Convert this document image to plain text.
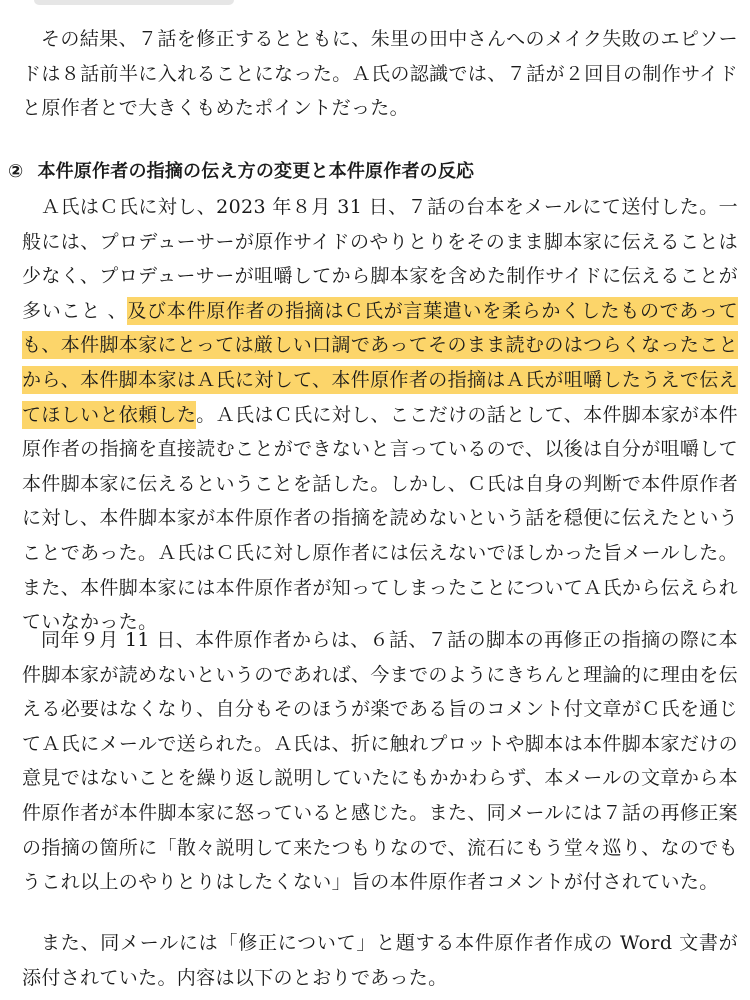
その結果、７話を修正するとともに、朱里の田中さんへのメイク失敗のエピソードは８話前半に入れることになった。Ａ氏の認識では、７話が２回目の制作サイドと原作者とで大きくもめたポイントだった。

② 本件原作者の指摘の伝え方の変更と本件原作者の反応

Ａ氏はＣ氏に対し、2023 年８月 31 日、７話の台本をメールにて送付した。一般には、プロデューサーが原作サイドのやりとりをそのまま脚本家に伝えることは少なく、プロデューサーが咀嚼してから脚本家を含めた制作サイドに伝えることが多いこと 、及び本件原作者の指摘はＣ氏が言葉遣いを柔らかくしたものであっても、本件脚本家にとっては厳しい口調であってそのまま読むのはつらくなったことから、本件脚本家はＡ氏に対して、本件原作者の指摘はＡ氏が咀嚼したうえで伝えてほしいと依頼した。Ａ氏はＣ氏に対し、ここだけの話として、本件脚本家が本件原作者の指摘を直接読むことができないと言っているので、以後は自分が咀嚼して本件脚本家に伝えるということを話した。しかし、Ｃ氏は自身の判断で本件原作者に対し、本件脚本家が本件原作者の指摘を読めないという話を穏便に伝えたということであった。Ａ氏はＣ氏に対し原作者には伝えないでほしかった旨メールした。また、本件脚本家には本件原作者が知ってしまったことについてＡ氏から伝えられていなかった。

同年９月 11 日、本件原作者からは、６話、７話の脚本の再修正の指摘の際に本件脚本家が読めないというのであれば、今までのようにきちんと理論的に理由を伝える必要はなくなり、自分もそのほうが楽である旨のコメント付文章がＣ氏を通じてＡ氏にメールで送られた。Ａ氏は、折に触れプロットや脚本は本件脚本家だけの意見ではないことを繰り返し説明していたにもかかわらず、本メールの文章から本件原作者が本件脚本家に怒っていると感じた。また、同メールには７話の再修正案の指摘の箇所に「散々説明して来たつもりなので、流石にもう堂々巡り、なのでもうこれ以上のやりとりはしたくない」旨の本件原作者コメントが付されていた。

また、同メールには「修正について」と題する本件原作者作成の Word 文書が添付されていた。内容は以下のとおりであった。
